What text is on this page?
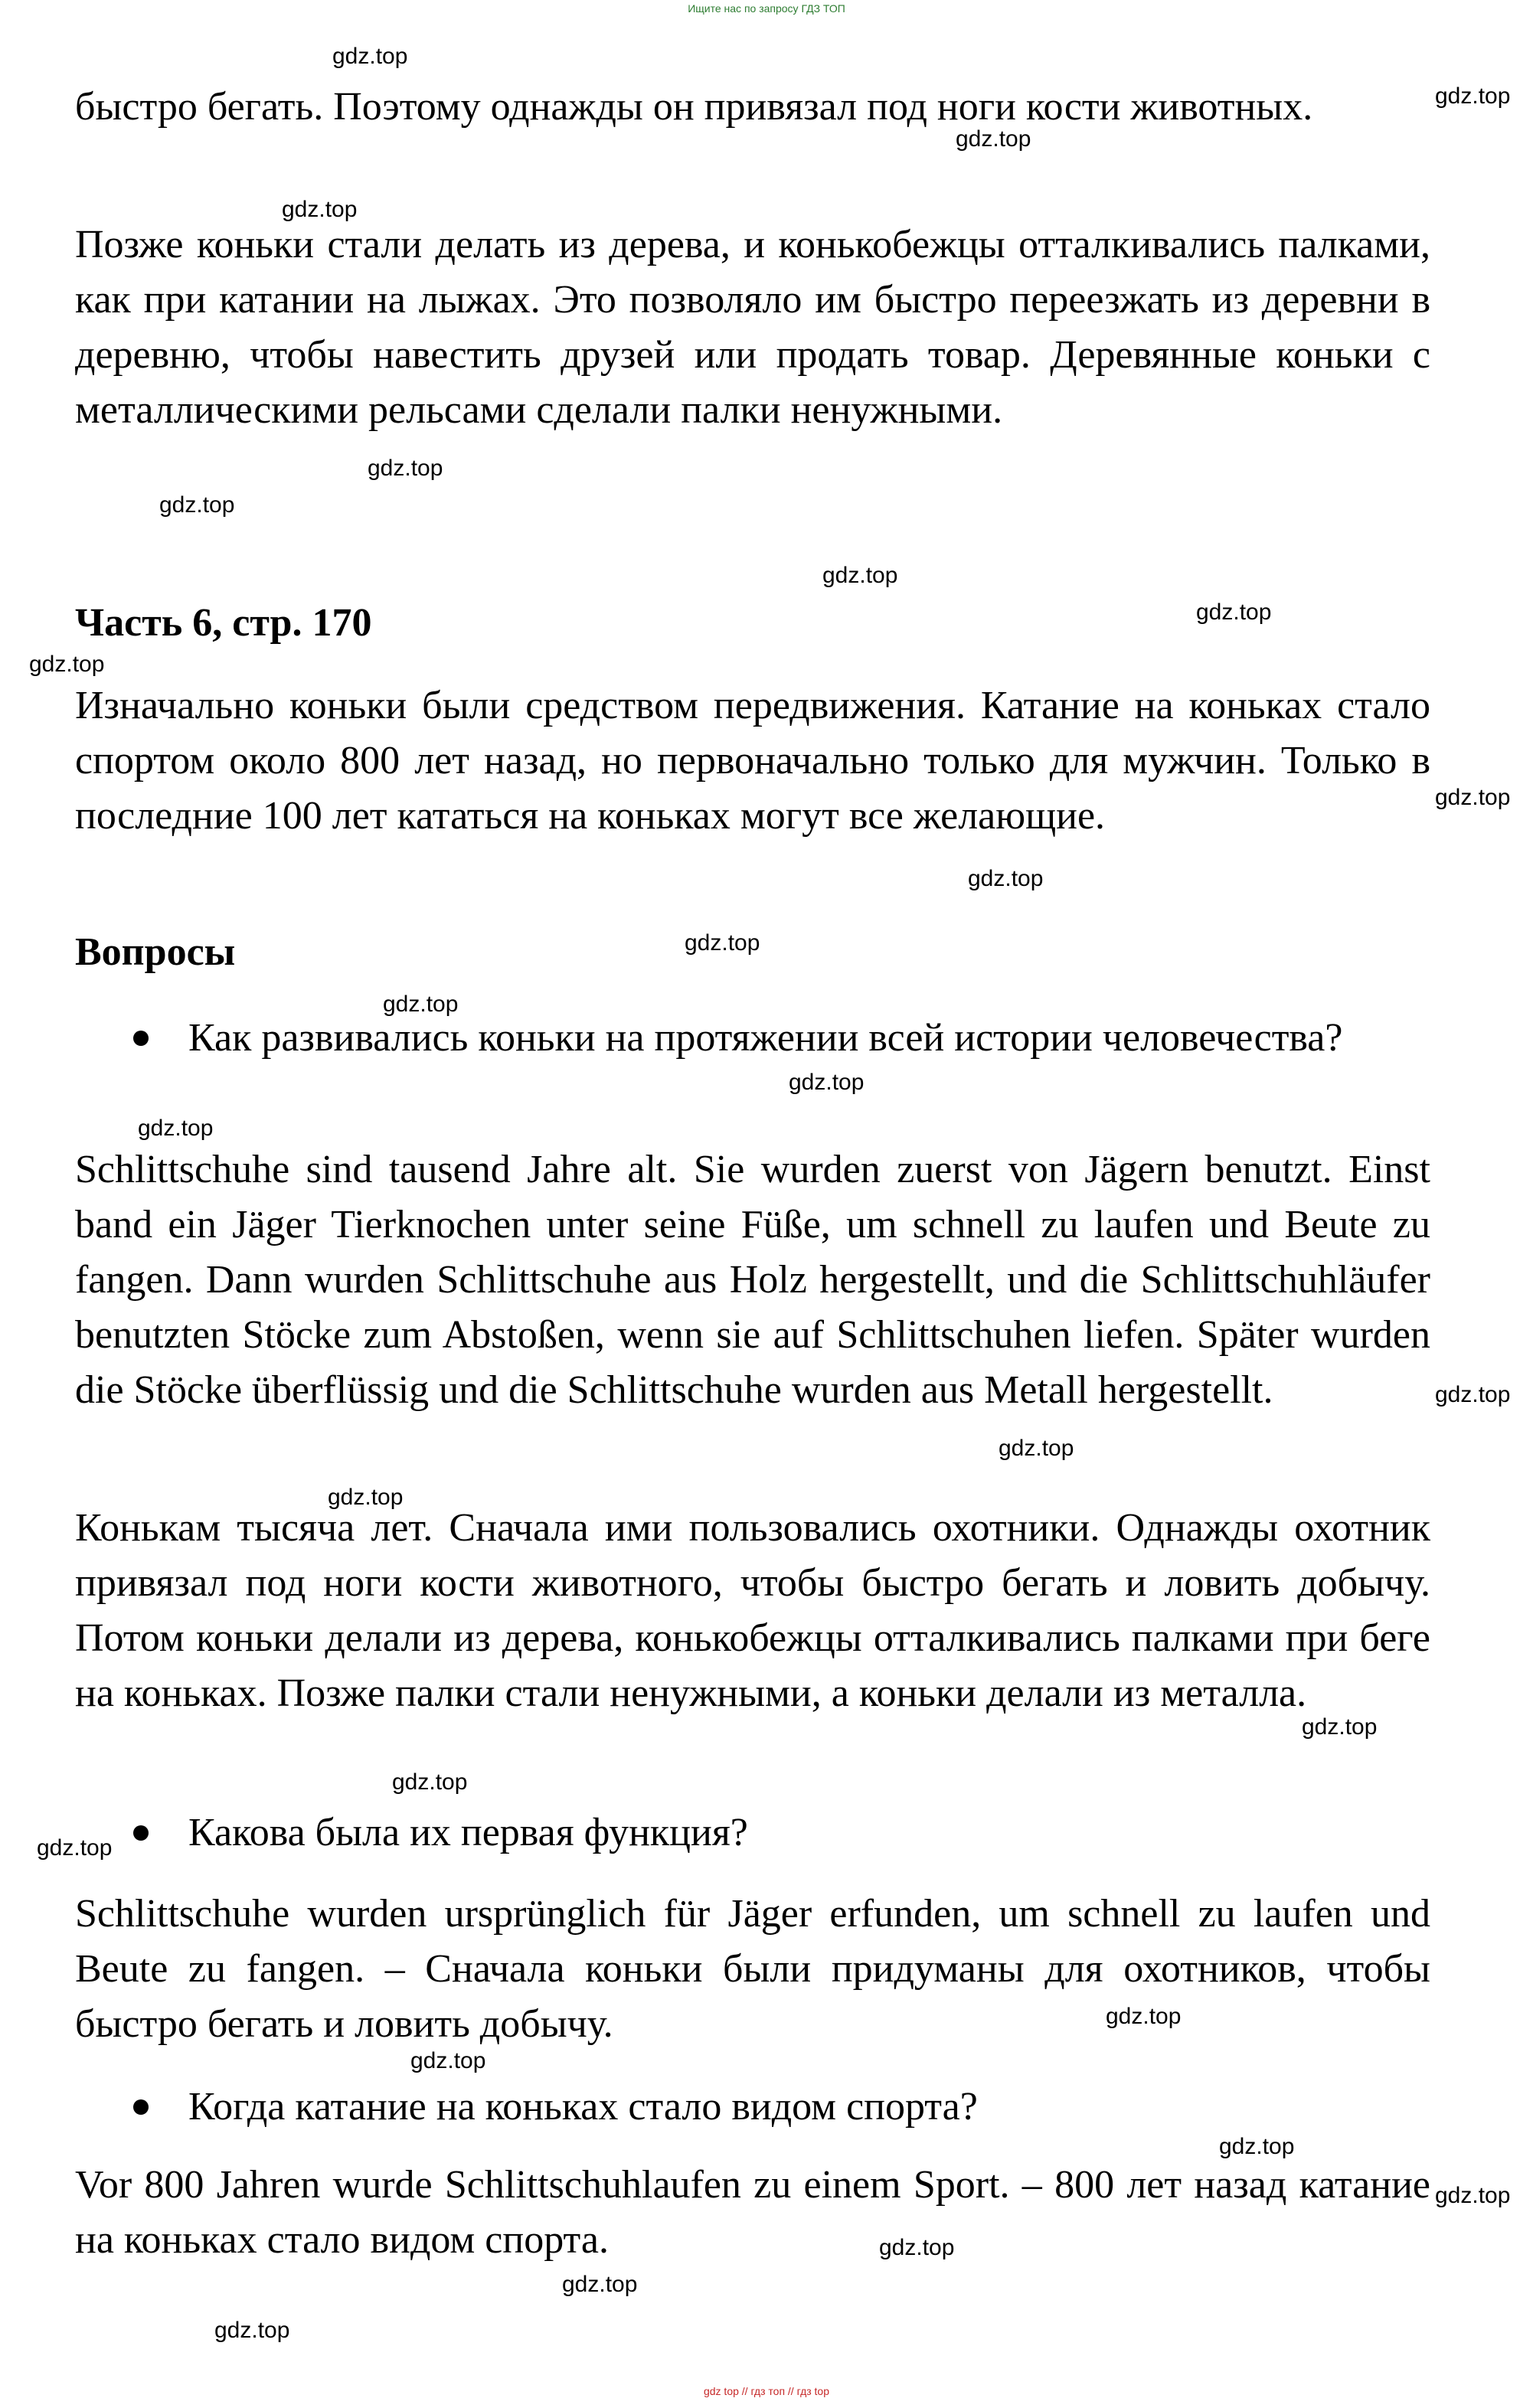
Ищите нас по запросу ГДЗ ТОП

быстро бегать. Поэтому однажды он привязал под ноги кости животных.

Позже коньки стали делать из дерева, и конькобежцы отталкивались палками, как при катании на лыжах. Это позволяло им быстро переезжать из деревни в деревню, чтобы навестить друзей или продать товар. Деревянные коньки с металлическими рельсами сделали палки ненужными.

Часть 6, стр. 170

Изначально коньки были средством передвижения. Катание на коньках стало спортом около 800 лет назад, но первоначально только для мужчин. Только в последние 100 лет кататься на коньках могут все желающие.

Вопросы

Как развивались коньки на протяжении всей истории человечества?

Schlittschuhe sind tausend Jahre alt. Sie wurden zuerst von Jägern benutzt. Einst band ein Jäger Tierknochen unter seine Füße, um schnell zu laufen und Beute zu fangen. Dann wurden Schlittschuhe aus Holz hergestellt, und die Schlittschuhläufer benutzten Stöcke zum Abstoßen, wenn sie auf Schlittschuhen liefen. Später wurden die Stöcke überflüssig und die Schlittschuhe wurden aus Metall hergestellt.

Конькам тысяча лет. Сначала ими пользовались охотники. Однажды охотник привязал под ноги кости животного, чтобы быстро бегать и ловить добычу. Потом коньки делали из дерева, конькобежцы отталкивались палками при беге на коньках. Позже палки стали ненужными, а коньки делали из металла.

Какова была их первая функция?

Schlittschuhe wurden ursprünglich für Jäger erfunden, um schnell zu laufen und Beute zu fangen. – Сначала коньки были придуманы для охотников, чтобы быстро бегать и ловить добычу.

Когда катание на коньках стало видом спорта?

Vor 800 Jahren wurde Schlittschuhlaufen zu einem Sport. – 800 лет назад катание на коньках стало видом спорта.

gdz.top
gdz.top
gdz.top
gdz.top
gdz.top
gdz.top
gdz.top
gdz.top
gdz.top
gdz.top
gdz.top
gdz.top
gdz.top
gdz.top
gdz.top
gdz.top
gdz.top
gdz.top
gdz.top
gdz.top
gdz.top
gdz.top
gdz.top
gdz.top
gdz.top
gdz.top
gdz.top
gdz.top
gdz top // гдз топ // гдз top
